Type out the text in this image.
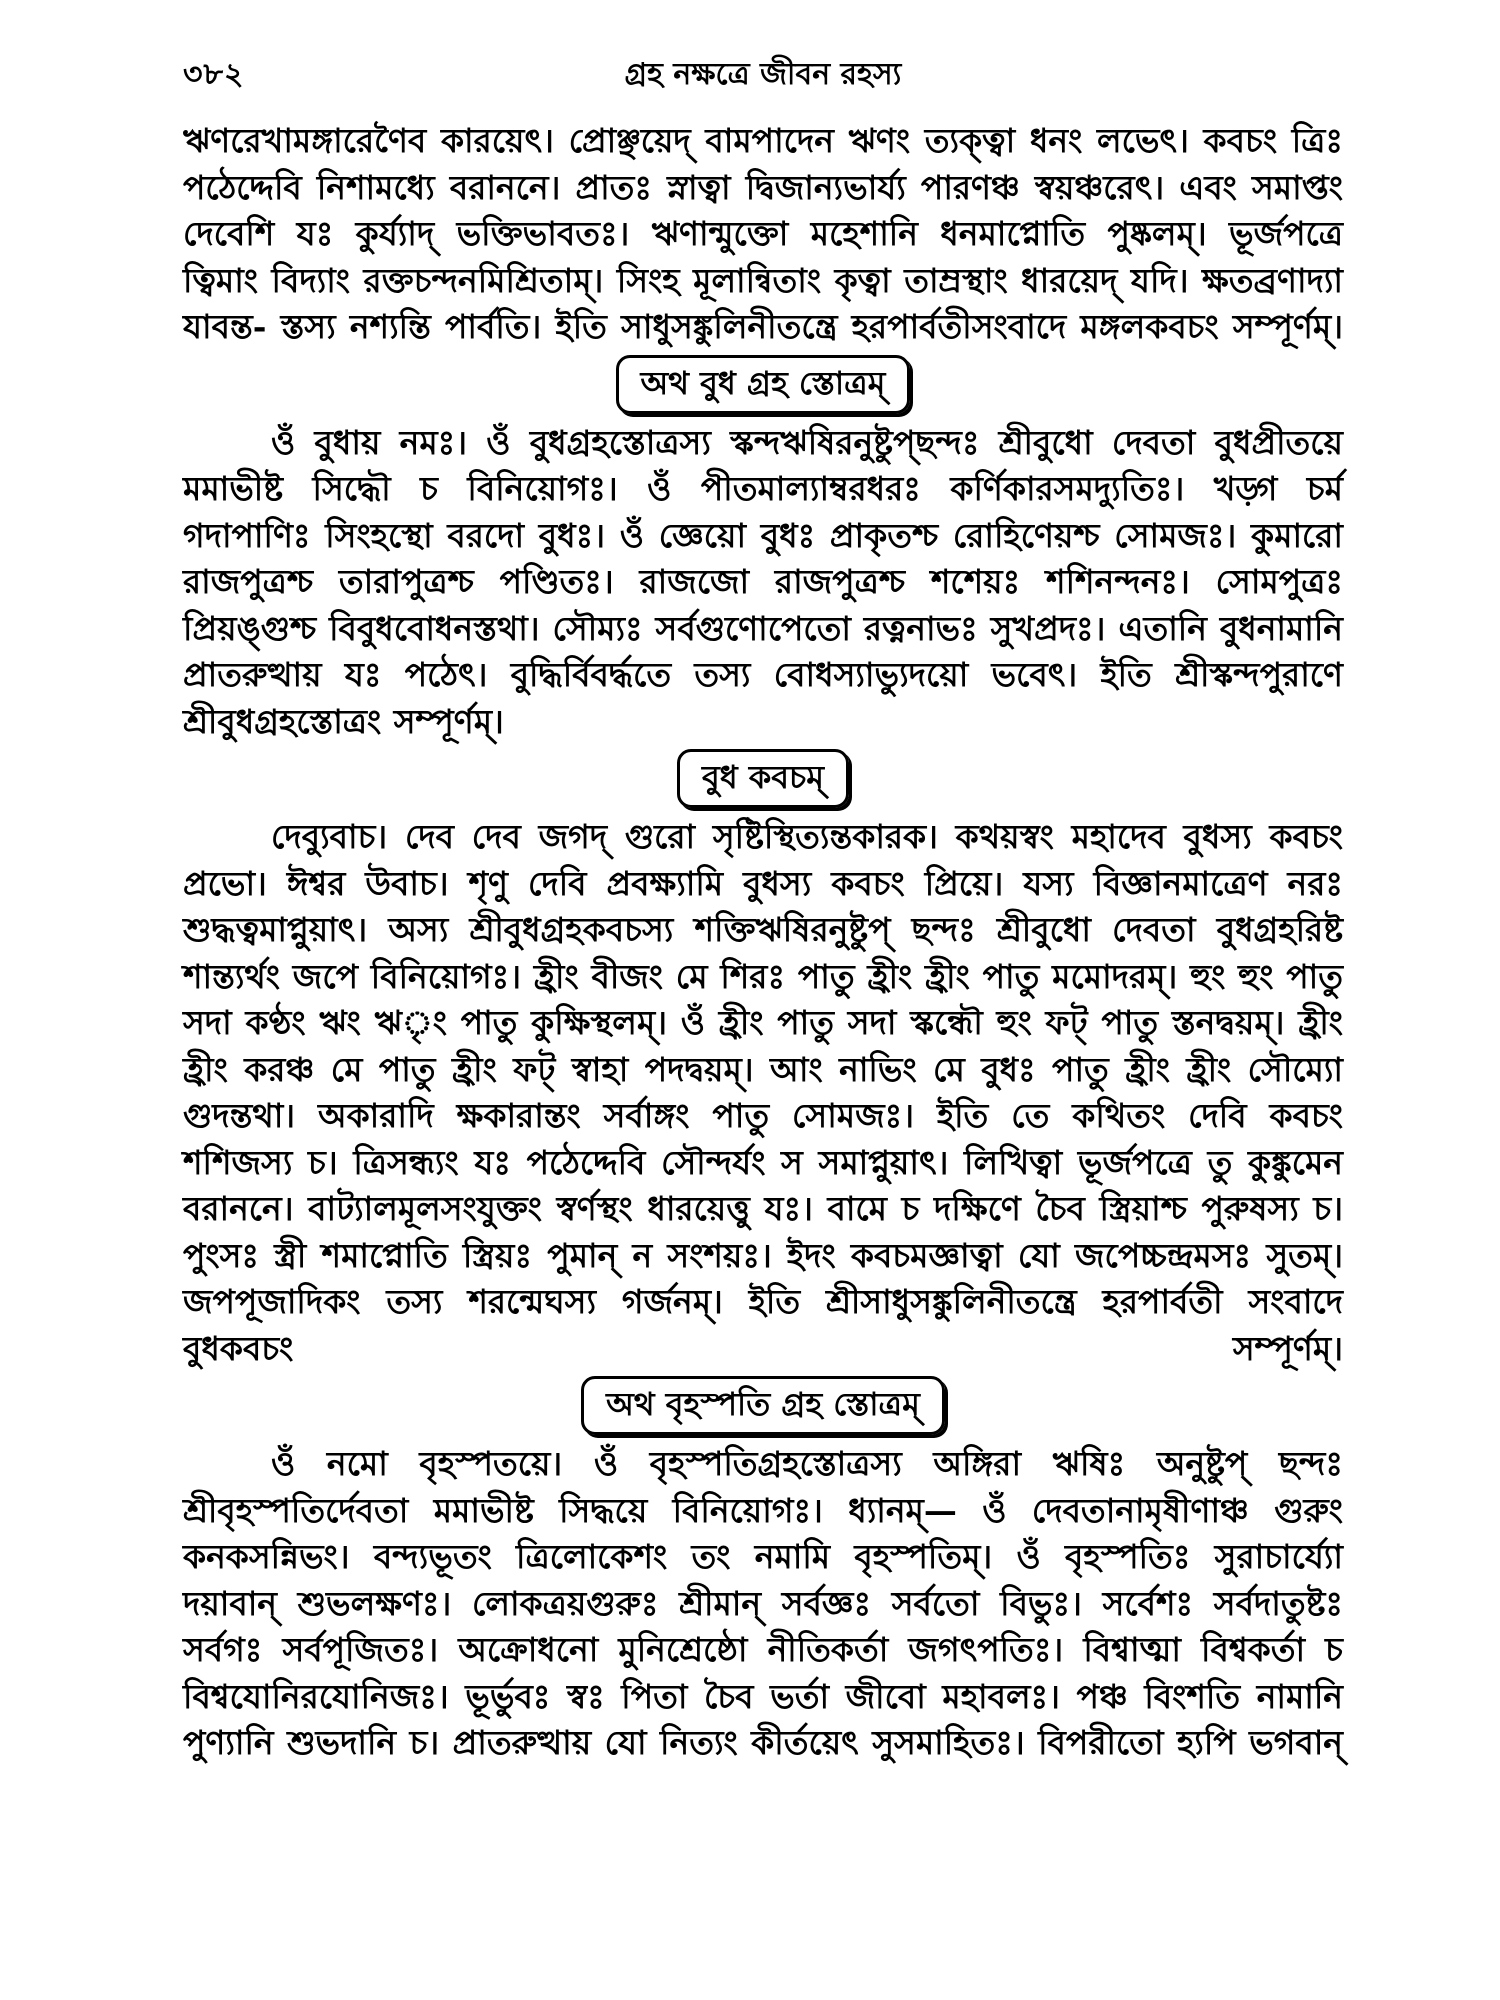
৩৮২	গ্রহ নক্ষত্রে জীবন রহস্য

ঋণরেখামঙ্গারেণৈব কারয়েৎ। প্রোঞ্ছয়েদ্ বামপাদেন ঋণং ত্যক্ত্বা ধনং লভেৎ। কবচং ত্রিঃ পঠেদ্দেবি নিশামধ্যে বরাননে। প্রাতঃ স্নাত্বা দ্বিজান্যভার্য্য পারণঞ্চ স্বয়ঞ্চরেৎ। এবং সমাপ্তং দেবেশি যঃ কুর্য্যাদ্ ভক্তিভাবতঃ। ঋণান্মুক্তো মহেশানি ধনমাপ্নোতি পুষ্কলম্। ভূর্জপত্রে ত্বিমাং বিদ্যাং রক্তচন্দনমিশ্রিতাম্। সিংহ মূলান্বিতাং কৃত্বা তাম্রস্থাং ধারয়েদ্ যদি। ক্ষতব্রণাদ্যা যাবন্ত- স্তস্য নশ্যন্তি পার্বতি। ইতি সাধুসঙ্কুলিনীতন্ত্রে হরপার্বতীসংবাদে মঙ্গলকবচং সম্পূর্ণম্।

অথ বুধ গ্রহ স্তোত্রম্

ওঁ বুধায় নমঃ। ওঁ বুধগ্রহস্তোত্রস্য স্কন্দঋষিরনুষ্টুপ্‌ছন্দঃ শ্রীবুধো দেবতা বুধপ্রীতয়ে মমাভীষ্ট সিদ্ধৌ চ বিনিয়োগঃ। ওঁ পীতমাল্যাম্বরধরঃ কর্ণিকারসমদ্যুতিঃ। খড়্গ চর্ম গদাপাণিঃ সিংহস্থো বরদো বুধঃ। ওঁ জ্ঞেয়ো বুধঃ প্রাকৃতশ্চ রোহিণেয়শ্চ সোমজঃ। কুমারো রাজপুত্রশ্চ তারাপুত্রশ্চ পণ্ডিতঃ। রাজজো রাজপুত্রশ্চ শশেয়ঃ শশিনন্দনঃ। সোমপুত্রঃ প্রিয়ঙ্গুশ্চ বিবুধবোধনস্তথা। সৌম্যঃ সর্বগুণোপেতো রত্ননাভঃ সুখপ্রদঃ। এতানি বুধনামানি প্রাতরুত্থায় যঃ পঠেৎ। বুদ্ধির্বিবর্দ্ধতে তস্য বোধস্যাভ্যুদয়ো ভবেৎ। ইতি শ্রীস্কন্দপুরাণে শ্রীবুধগ্রহস্তোত্রং সম্পূর্ণম্।

বুধ কবচম্

দেব্যুবাচ। দেব দেব জগদ্ গুরো সৃষ্টিস্থিত্যন্তকারক। কথয়স্বং মহাদেব বুধস্য কবচং প্রভো। ঈশ্বর উবাচ। শৃণু দেবি প্রবক্ষ্যামি বুধস্য কবচং প্রিয়ে। যস্য বিজ্ঞানমাত্রেণ নরঃ শুদ্ধত্বমাপ্নুয়াৎ। অস্য শ্রীবুধগ্রহকবচস্য শক্তিঋষিরনুষ্টুপ্ ছন্দঃ শ্রীবুধো দেবতা বুধগ্রহরিষ্ট শান্ত্যর্থং জপে বিনিয়োগঃ। হ্রীং বীজং মে শিরঃ পাতু হ্রীং হ্রীং পাতু মমোদরম্। হুং হুং পাতু সদা কণ্ঠং ঋং ঋৃং পাতু কুক্ষিস্থলম্। ওঁ হ্রীং পাতু সদা স্কন্ধৌ হুং ফট্ পাতু স্তনদ্বয়ম্। হ্রীং হ্রীং করঞ্চ মে পাতু হ্রীং ফট্ স্বাহা পদদ্বয়ম্। আং নাভিং মে বুধঃ পাতু হ্রীং হ্রীং সৌম্যো গুদন্তথা। অকারাদি ক্ষকারান্তং সর্বাঙ্গং পাতু সোমজঃ। ইতি তে কথিতং দেবি কবচং শশিজস্য চ। ত্রিসন্ধ্যং যঃ পঠেদ্দেবি সৌন্দর্যং স সমাপ্নুয়াৎ। লিখিত্বা ভূর্জপত্রে তু কুঙ্কুমেন বরাননে। বাট্যালমূলসংযুক্তং স্বর্ণস্থং ধারয়েত্তু যঃ। বামে চ দক্ষিণে চৈব স্ত্রিয়াশ্চ পুরুষস্য চ। পুংসঃ স্ত্রী শমাপ্নোতি স্ত্রিয়ঃ পুমান্ ন সংশয়ঃ। ইদং কবচমজ্ঞাত্বা যো জপেচ্চন্দ্রমসঃ সুতম্। জপপূজাদিকং তস্য শরন্মেঘস্য গর্জনম্। ইতি শ্রীসাধুসঙ্কুলিনীতন্ত্রে হরপার্বতী সংবাদে বুধকবচং সম্পূর্ণম্।

অথ বৃহস্পতি গ্রহ স্তোত্রম্

ওঁ নমো বৃহস্পতয়ে। ওঁ বৃহস্পতিগ্রহস্তোত্রস্য অঙ্গিরা ঋষিঃ অনুষ্টুপ্ ছন্দঃ শ্রীবৃহস্পতির্দেবতা মমাভীষ্ট সিদ্ধয়ে বিনিয়োগঃ। ধ্যানম্— ওঁ দেবতানামৃষীণাঞ্চ গুরুং কনকসন্নিভং। বন্দ্যভূতং ত্রিলোকেশং তং নমামি বৃহস্পতিম্। ওঁ বৃহস্পতিঃ সুরাচার্য্যো দয়াবান্ শুভলক্ষণঃ। লোকত্রয়গুরুঃ শ্রীমান্ সর্বজ্ঞঃ সর্বতো বিভুঃ। সর্বেশঃ সর্বদাতুষ্টঃ সর্বগঃ সর্বপূজিতঃ। অক্রোধনো মুনিশ্রেষ্ঠো নীতিকর্তা জগৎপতিঃ। বিশ্বাত্মা বিশ্বকর্তা চ বিশ্বযোনিরযোনিজঃ। ভূর্ভুবঃ স্বঃ পিতা চৈব ভর্তা জীবো মহাবলঃ। পঞ্চ বিংশতি নামানি পুণ্যানি শুভদানি চ। প্রাতরুত্থায় যো নিত্যং কীর্তয়েৎ সুসমাহিতঃ। বিপরীতো হ্যপি ভগবান্
